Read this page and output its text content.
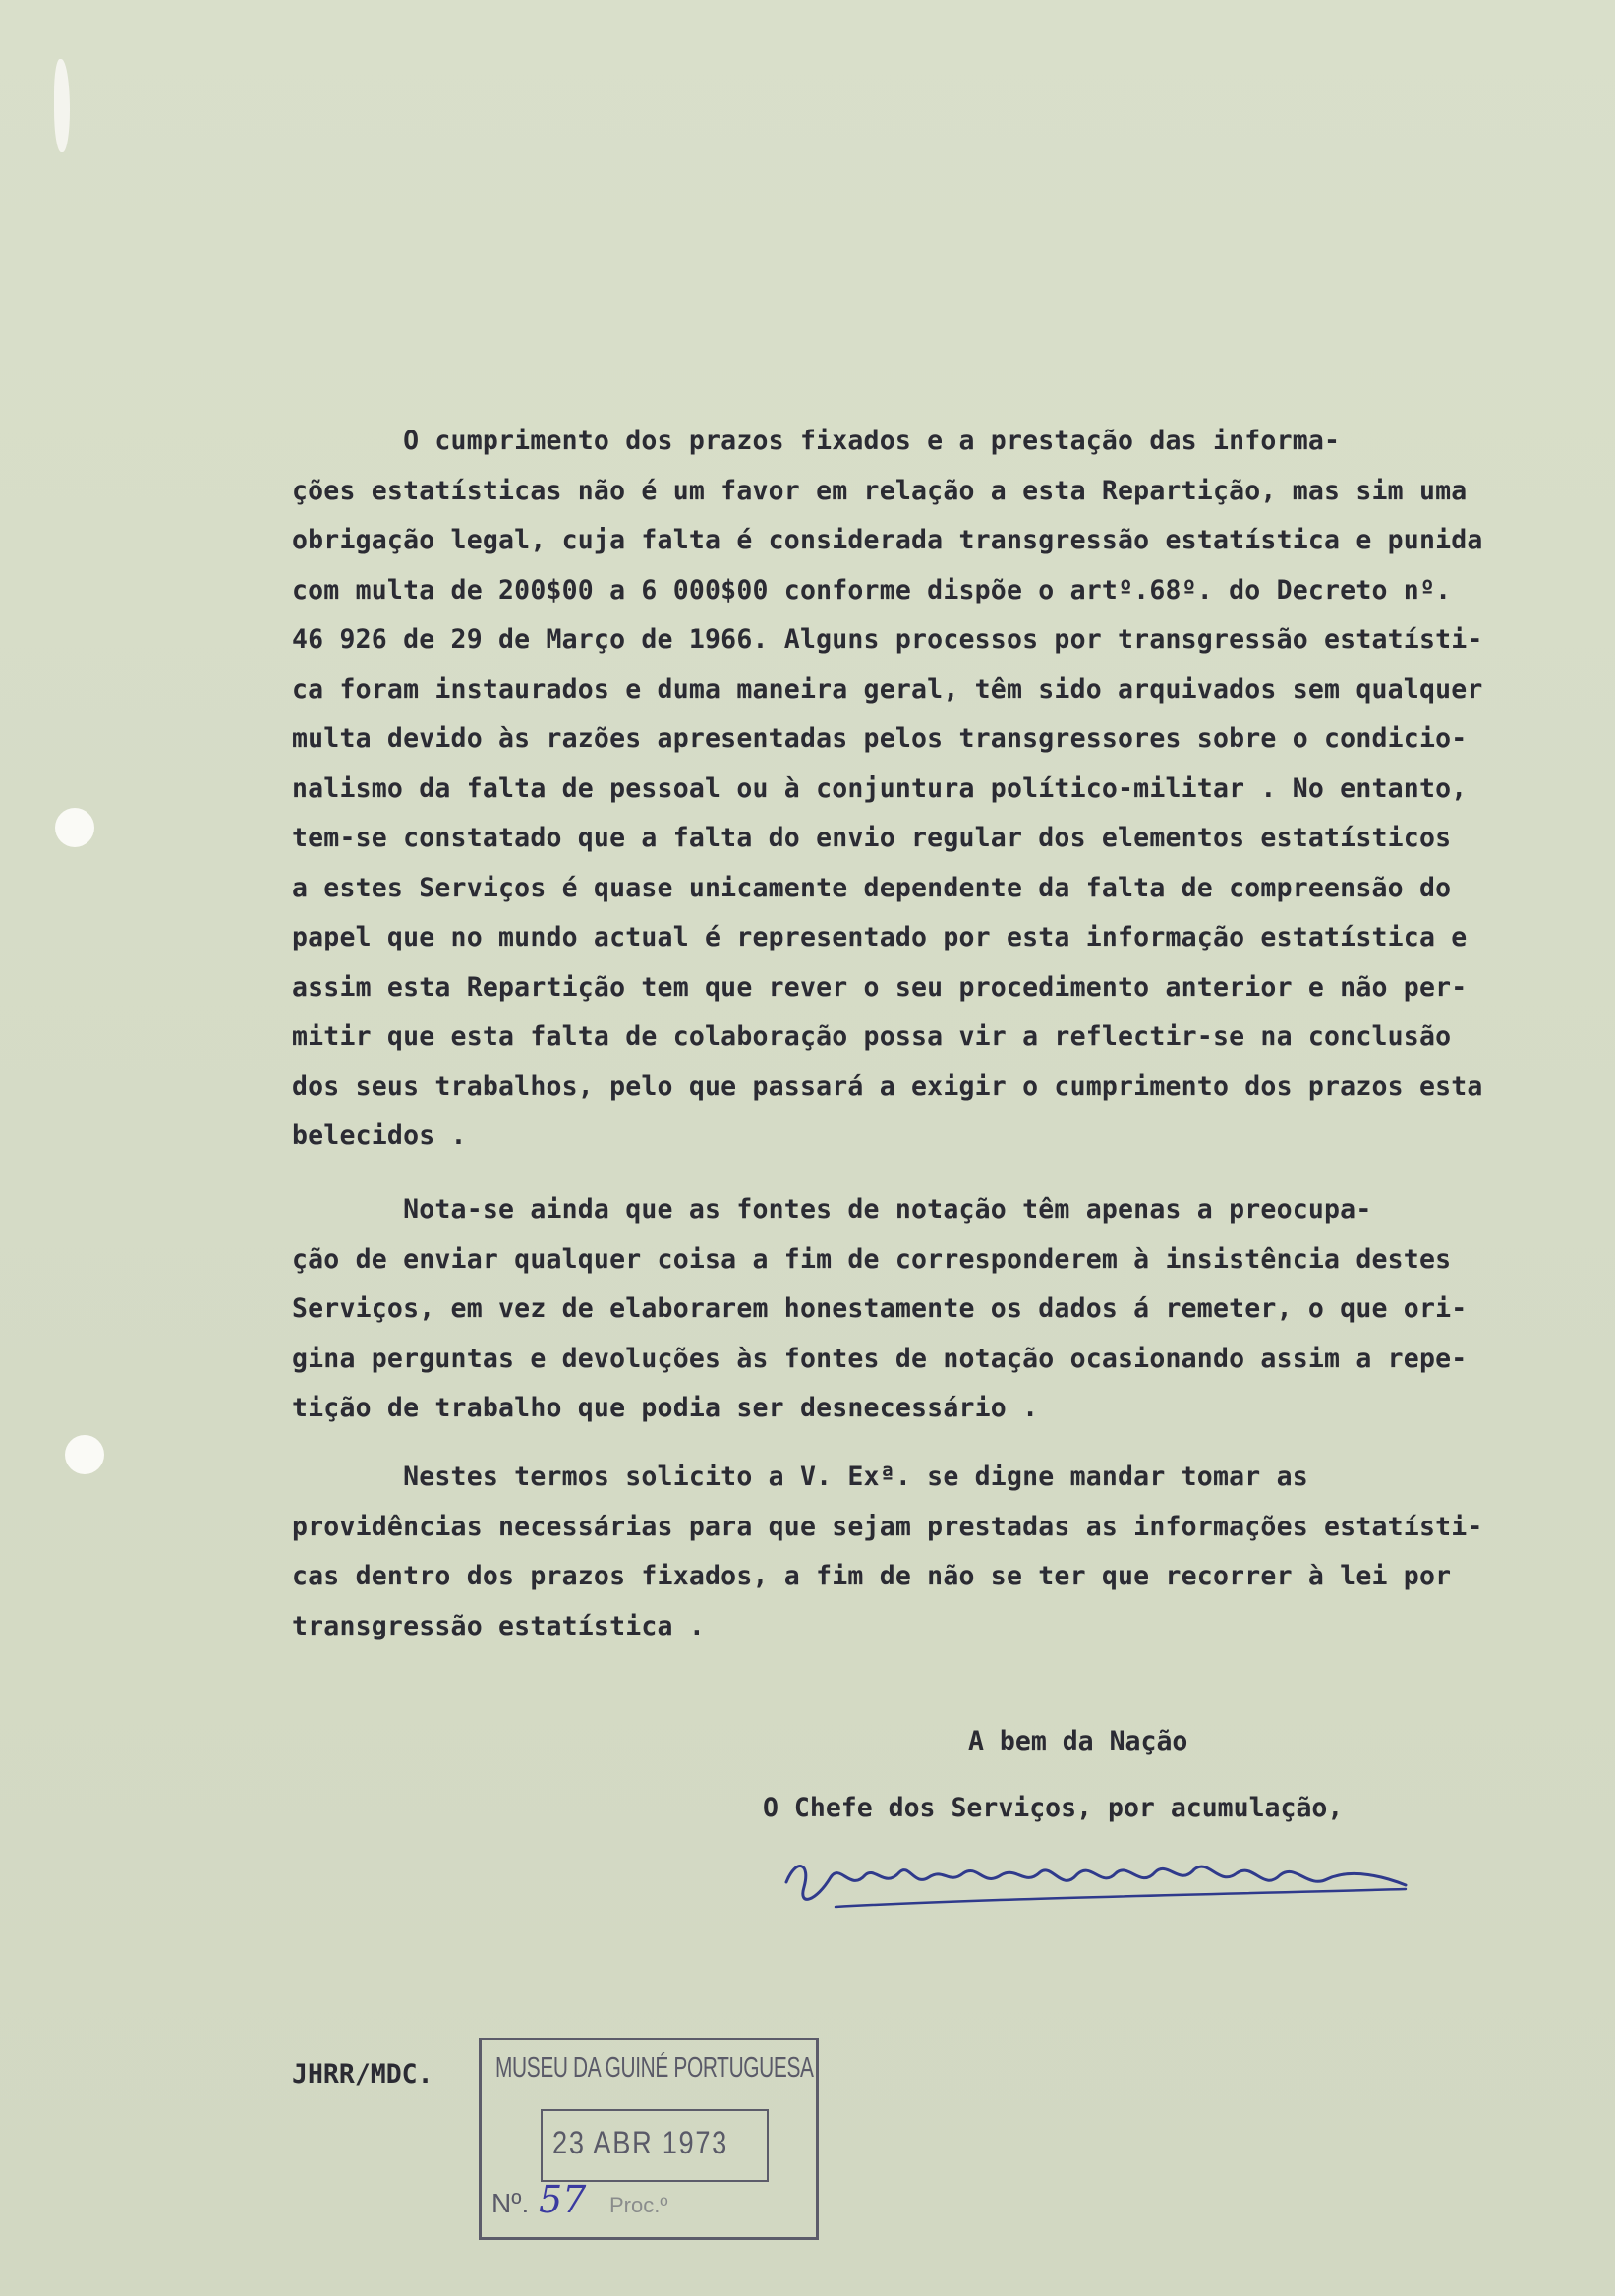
O cumprimento dos prazos fixados e a prestação das informa-
ções estatísticas não é um favor em relação a esta Repartição, mas sim uma
obrigação legal, cuja falta é considerada transgressão estatística e punida
com multa de 200$00 a 6 000$00 conforme dispõe o artº.68º. do Decreto nº.
46 926 de 29 de Março de 1966. Alguns processos por transgressão estatísti-
ca foram instaurados e duma maneira geral, têm sido arquivados sem qualquer
multa devido às razões apresentadas pelos transgressores sobre o condicio-
nalismo da falta de pessoal ou à conjuntura político-militar . No entanto,
tem-se constatado que a falta do envio regular dos elementos estatísticos
a estes Serviços é quase unicamente dependente da falta de compreensão do
papel que no mundo actual é representado por esta informação estatística e
assim esta Repartição tem que rever o seu procedimento anterior e não per-
mitir que esta falta de colaboração possa vir a reflectir-se na conclusão
dos seus trabalhos, pelo que passará a exigir o cumprimento dos prazos esta
belecidos .
Nota-se ainda que as fontes de notação têm apenas a preocupa-
ção de enviar qualquer coisa a fim de corresponderem à insistência destes
Serviços, em vez de elaborarem honestamente os dados á remeter, o que ori-
gina perguntas e devoluções às fontes de notação ocasionando assim a repe-
tição de trabalho que podia ser desnecessário .
Nestes termos solicito a V. Exª. se digne mandar tomar as
providências necessárias para que sejam prestadas as informações estatísti-
cas dentro dos prazos fixados, a fim de não se ter que recorrer à lei por
transgressão estatística .
A bem da Nação
O Chefe dos Serviços, por acumulação,
JHRR/MDC. MUSEU DA GUINÉ PORTUGUESA
23 ABR 1973
Nº. 57 Proc.º
